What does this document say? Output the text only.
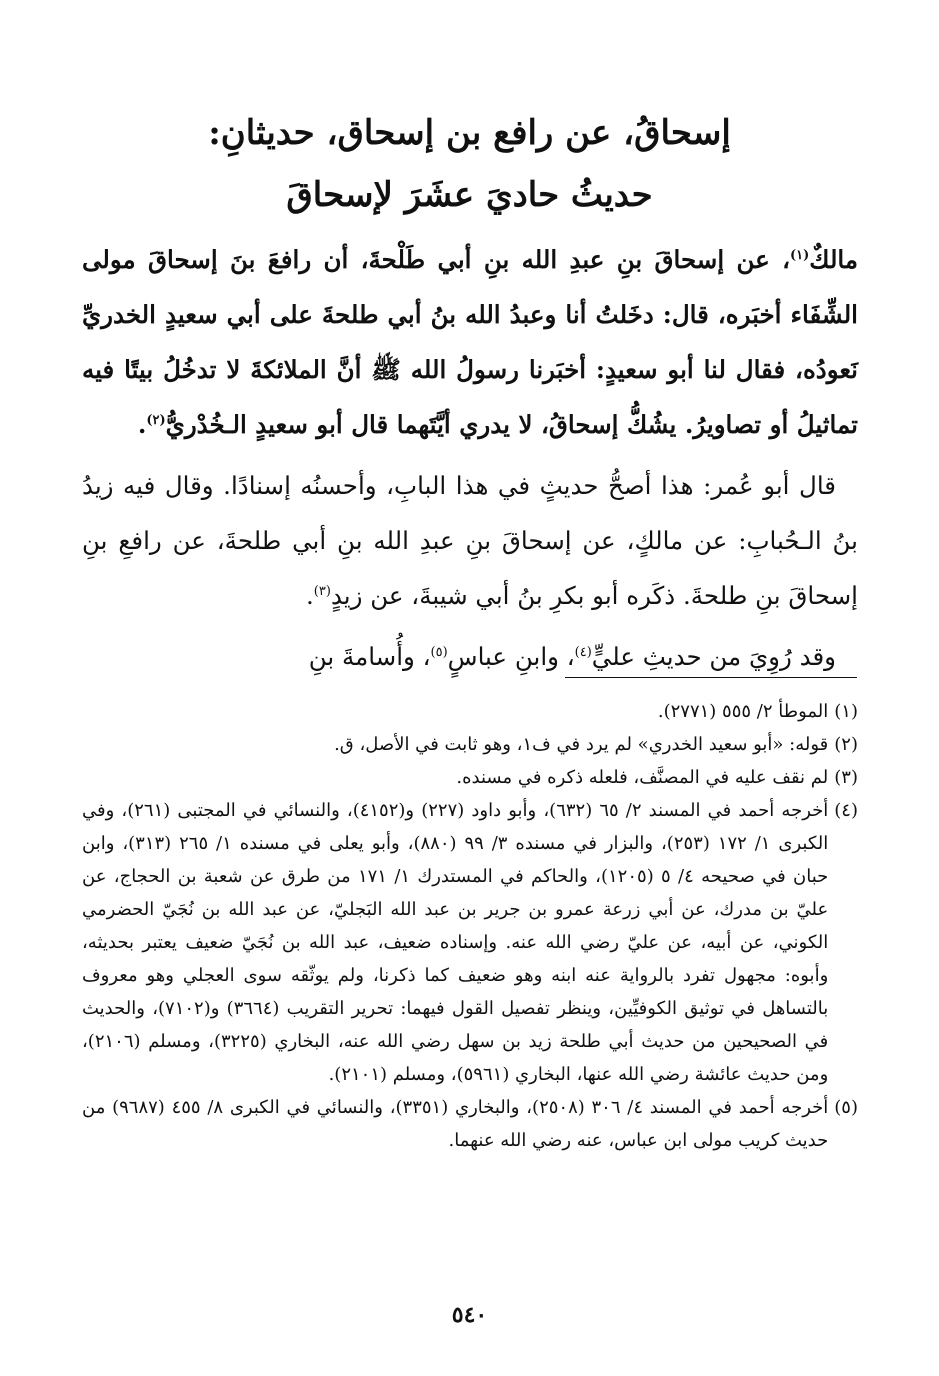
إسحاقُ، عن رافع بن إسحاق، حديثانِ:
حديثُ حاديَ عشَرَ لإسحاقَ

مالكٌ$^{(١)}$، عن إسحاقَ بنِ عبدِ الله بنِ أبي طَلْحةَ، أن رافعَ بنَ إسحاقَ مولى الشِّفَاء أخبَره، قال: دخَلتُ أنا وعبدُ الله بنُ أبي طلحةَ على أبي سعيدٍ الخدريِّ نَعودُه، فقال لنا أبو سعيدٍ: أخبَرنا رسولُ الله ﷺ أنَّ الملائكةَ لا تدخُلُ بيتًا فيه تماثيلُ أو تصاويرُ. يشُكُّ إسحاقُ، لا يدري أيَّتَهما قال أبو سعيدٍ الـخُدْريُّ$^{(٢)}$.

قال أبو عُمر: هذا أصحُّ حديثٍ في هذا البابِ، وأحسنُه إسنادًا. وقال فيه زيدُ بنُ الـحُبابِ: عن مالكٍ، عن إسحاقَ بنِ عبدِ الله بنِ أبي طلحةَ، عن رافعِ بنِ إسحاقَ بنِ طلحةَ. ذكَره أبو بكرِ بنُ أبي شيبةَ، عن زيدٍ$^{(٣)}$.

وقد رُوِيَ من حديثِ عليٍّ$^{(٤)}$، وابنِ عباسٍ$^{(٥)}$، وأُسامةَ بنِ

(١)
الموطأ ٢/ ٥٥٥ (٢٧٧١).
(٢)
قوله: «أبو سعيد الخدري» لم يرد في ف١، وهو ثابت في الأصل، ق.
(٣)
لم نقف عليه في المصنَّف، فلعله ذكره في مسنده.
(٤)
أخرجه أحمد في المسند ٢/ ٦٥ (٦٣٢)، وأبو داود (٢٢٧) و(٤١٥٢)، والنسائي في المجتبى (٢٦١)، وفي الكبرى ١/ ١٧٢ (٢٥٣)، والبزار في مسنده ٣/ ٩٩ (٨٨٠)، وأبو يعلى في مسنده ١/ ٢٦٥ (٣١٣)، وابن حبان في صحيحه ٤/ ٥ (١٢٠٥)، والحاكم في المستدرك ١/ ١٧١ من طرق عن شعبة بن الحجاج، عن عليّ بن مدرك، عن أبي زرعة عمرو بن جرير بن عبد الله البَجليّ، عن عبد الله بن نُجَيّ الحضرمي الكوني، عن أبيه، عن عليّ رضي الله عنه. وإسناده ضعيف، عبد الله بن نُجَيّ ضعيف يعتبر بحديثه، وأبوه: مجهول تفرد بالرواية عنه ابنه وهو ضعيف كما ذكرنا، ولم يوثّقه سوى العجلي وهو معروف بالتساهل في توثيق الكوفيِّين، وينظر تفصيل القول فيهما: تحرير التقريب (٣٦٦٤) و(٧١٠٢)، والحديث في الصحيحين من حديث أبي طلحة زيد بن سهل رضي الله عنه، البخاري (٣٢٢٥)، ومسلم (٢١٠٦)، ومن حديث عائشة رضي الله عنها، البخاري (٥٩٦١)، ومسلم (٢١٠١).
(٥)
أخرجه أحمد في المسند ٤/ ٣٠٦ (٢٥٠٨)، والبخاري (٣٣٥١)، والنسائي في الكبرى ٨/ ٤٥٥ (٩٦٨٧) من حديث كريب مولى ابن عباس، عنه رضي الله عنهما.
٥٤٠
